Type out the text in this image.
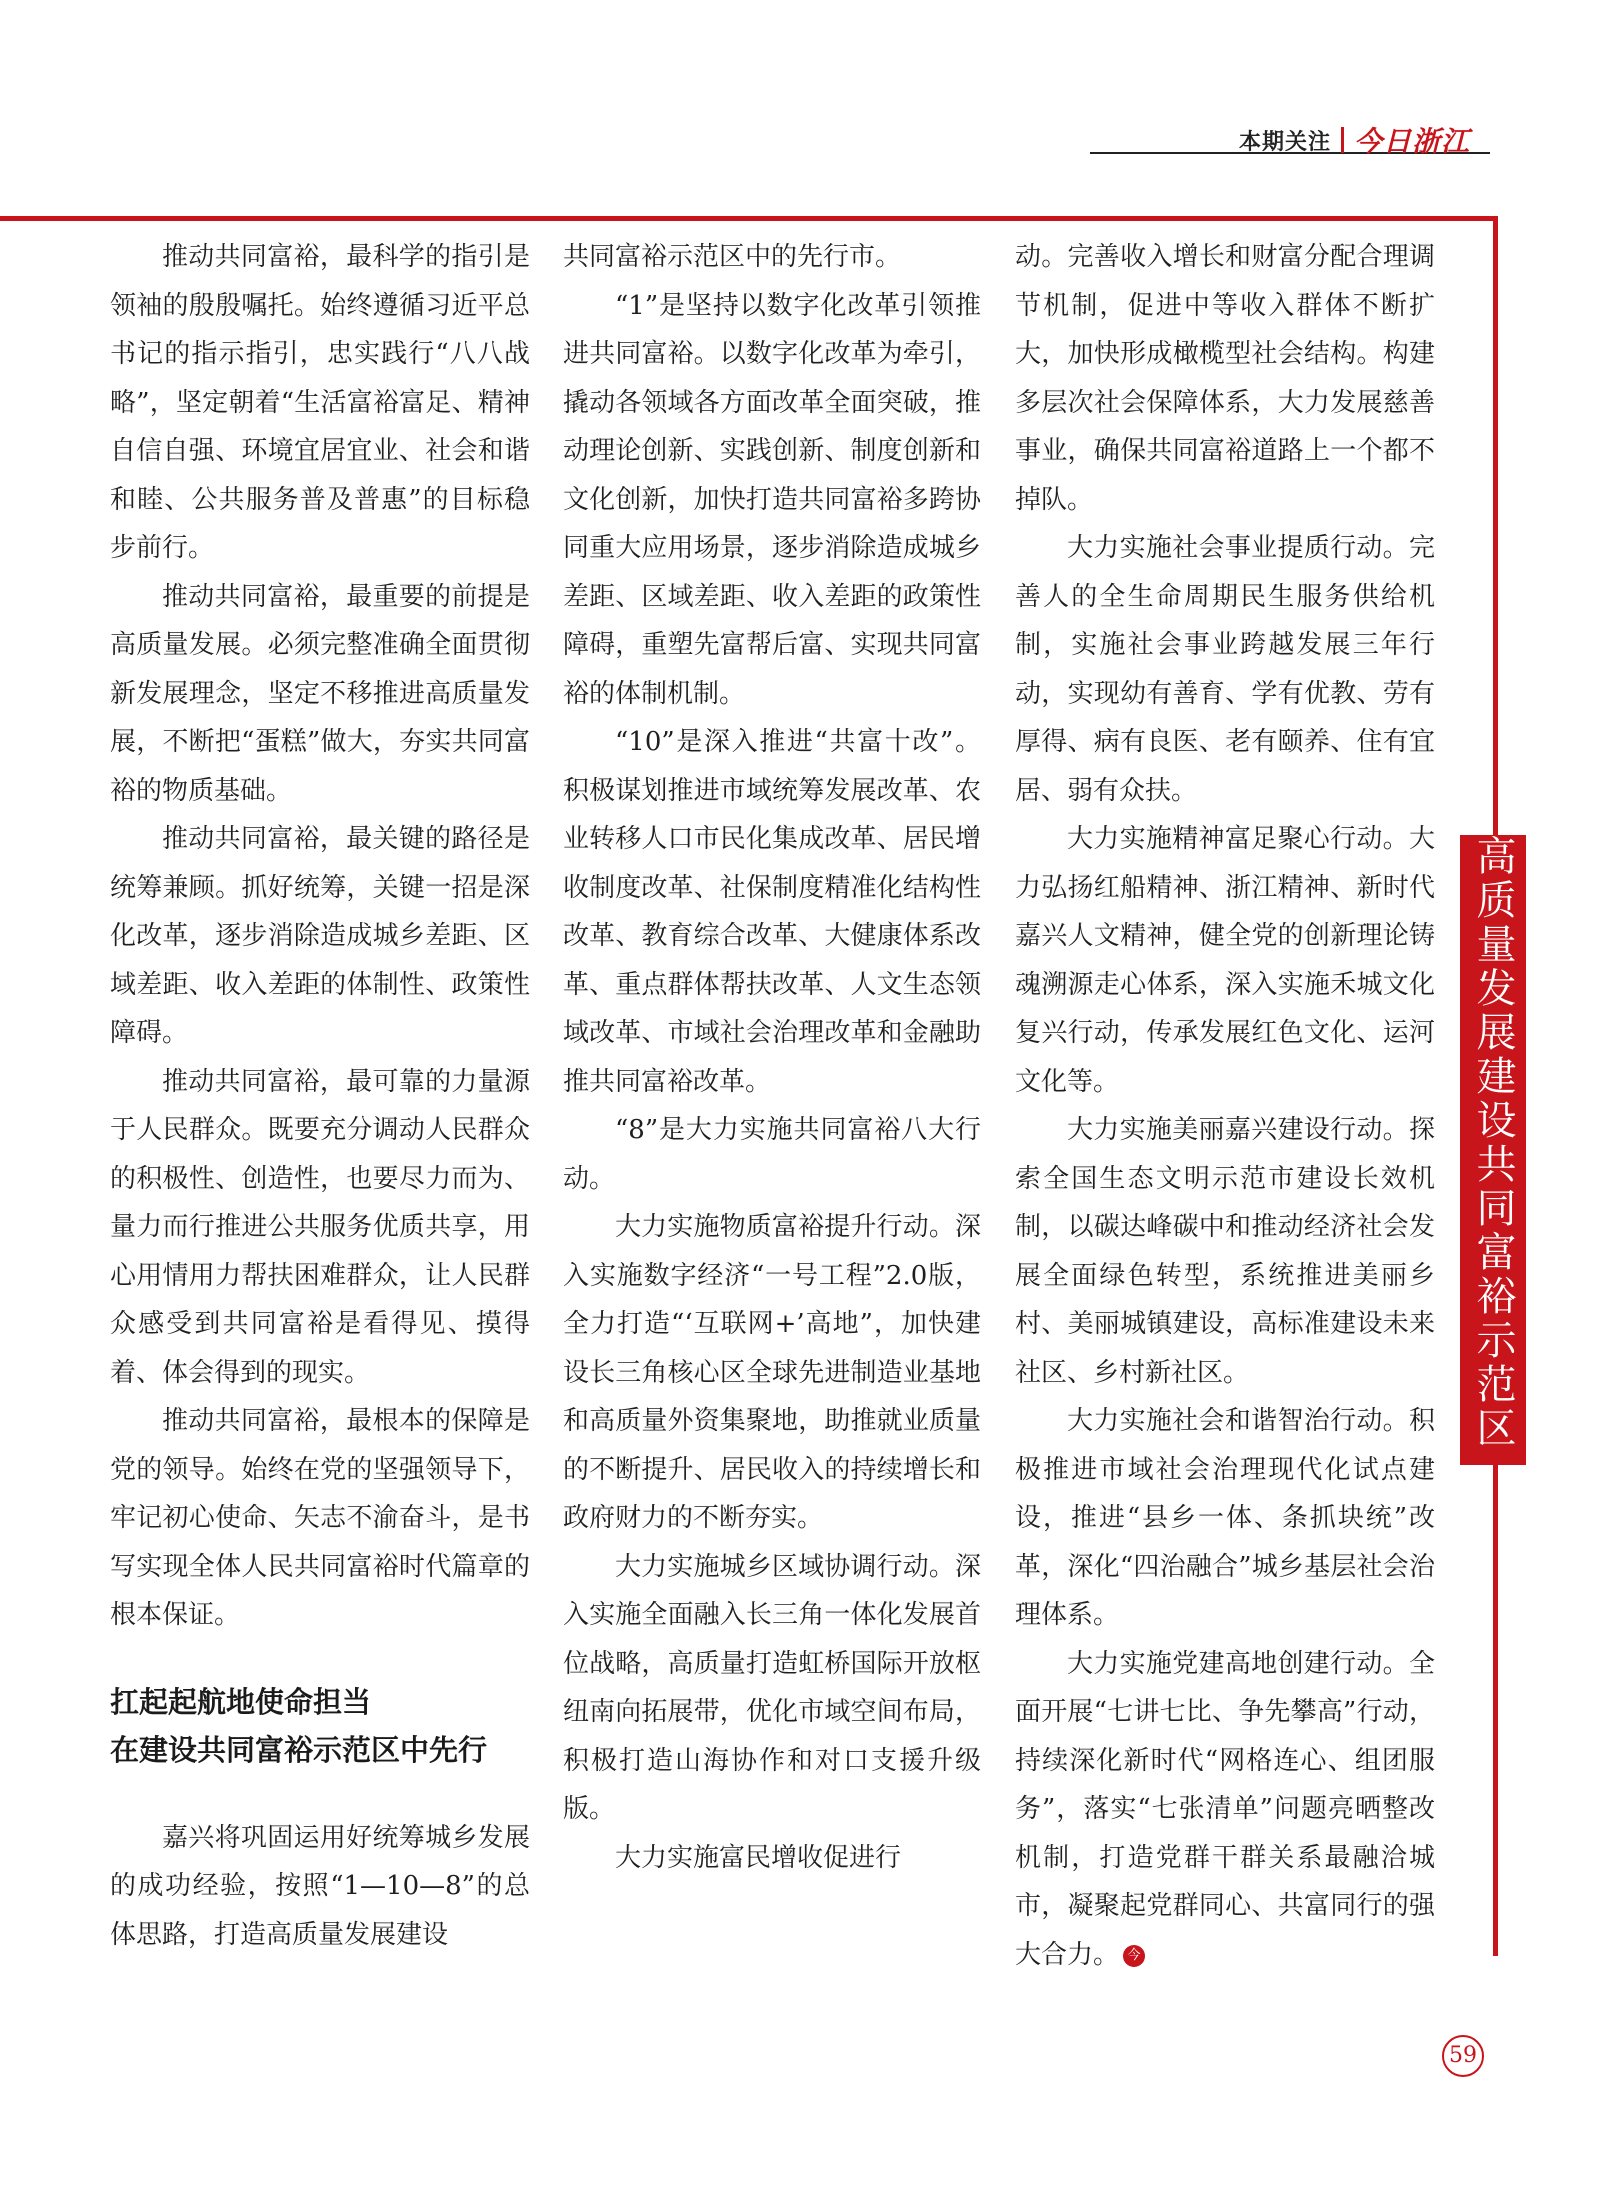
本期关注 今日浙江
高质量发展建设共同富裕示范区

推动共同富裕，最科学的指引是领袖的殷殷嘱托。始终遵循习近平总书记的指示指引，忠实践行“八八战略”，坚定朝着“生活富裕富足、精神自信自强、环境宜居宜业、社会和谐和睦、公共服务普及普惠”的目标稳步前行。

推动共同富裕，最重要的前提是高质量发展。必须完整准确全面贯彻新发展理念，坚定不移推进高质量发展，不断把“蛋糕”做大，夯实共同富裕的物质基础。

推动共同富裕，最关键的路径是统筹兼顾。抓好统筹，关键一招是深化改革，逐步消除造成城乡差距、区域差距、收入差距的体制性、政策性障碍。

推动共同富裕，最可靠的力量源于人民群众。既要充分调动人民群众的积极性、创造性，也要尽力而为、量力而行推进公共服务优质共享，用心用情用力帮扶困难群众，让人民群众感受到共同富裕是看得见、摸得着、体会得到的现实。

推动共同富裕，最根本的保障是党的领导。始终在党的坚强领导下，牢记初心使命、矢志不渝奋斗，是书写实现全体人民共同富裕时代篇章的根本保证。

扛起起航地使命担当
在建设共同富裕示范区中先行

嘉兴将巩固运用好统筹城乡发展的成功经验，按照“1—10—8”的总体思路，打造高质量发展建设

共同富裕示范区中的先行市。

“1”是坚持以数字化改革引领推进共同富裕。以数字化改革为牵引，撬动各领域各方面改革全面突破，推动理论创新、实践创新、制度创新和文化创新，加快打造共同富裕多跨协同重大应用场景，逐步消除造成城乡差距、区域差距、收入差距的政策性障碍，重塑先富帮后富、实现共同富裕的体制机制。

“10”是深入推进“共富十改”。积极谋划推进市域统筹发展改革、农业转移人口市民化集成改革、居民增收制度改革、社保制度精准化结构性改革、教育综合改革、大健康体系改革、重点群体帮扶改革、人文生态领域改革、市域社会治理改革和金融助推共同富裕改革。

“8”是大力实施共同富裕八大行动。

大力实施物质富裕提升行动。深入实施数字经济“一号工程”2.0版，全力打造“‘互联网+’高地”，加快建设长三角核心区全球先进制造业基地和高质量外资集聚地，助推就业质量的不断提升、居民收入的持续增长和政府财力的不断夯实。

大力实施城乡区域协调行动。深入实施全面融入长三角一体化发展首位战略，高质量打造虹桥国际开放枢纽南向拓展带，优化市域空间布局，积极打造山海协作和对口支援升级版。

大力实施富民增收促进行

动。完善收入增长和财富分配合理调节机制，促进中等收入群体不断扩大，加快形成橄榄型社会结构。构建多层次社会保障体系，大力发展慈善事业，确保共同富裕道路上一个都不掉队。

大力实施社会事业提质行动。完善人的全生命周期民生服务供给机制，实施社会事业跨越发展三年行动，实现幼有善育、学有优教、劳有厚得、病有良医、老有颐养、住有宜居、弱有众扶。

大力实施精神富足聚心行动。大力弘扬红船精神、浙江精神、新时代嘉兴人文精神，健全党的创新理论铸魂溯源走心体系，深入实施禾城文化复兴行动，传承发展红色文化、运河文化等。

大力实施美丽嘉兴建设行动。探索全国生态文明示范市建设长效机制，以碳达峰碳中和推动经济社会发展全面绿色转型，系统推进美丽乡村、美丽城镇建设，高标准建设未来社区、乡村新社区。

大力实施社会和谐智治行动。积极推进市域社会治理现代化试点建设，推进“县乡一体、条抓块统”改革，深化“四治融合”城乡基层社会治理体系。

大力实施党建高地创建行动。全面开展“七讲七比、争先攀高”行动，持续深化新时代“网格连心、组团服务”，落实“七张清单”问题亮晒整改机制，打造党群干群关系最融洽城市，凝聚起党群同心、共富同行的强大合力。 今

59
